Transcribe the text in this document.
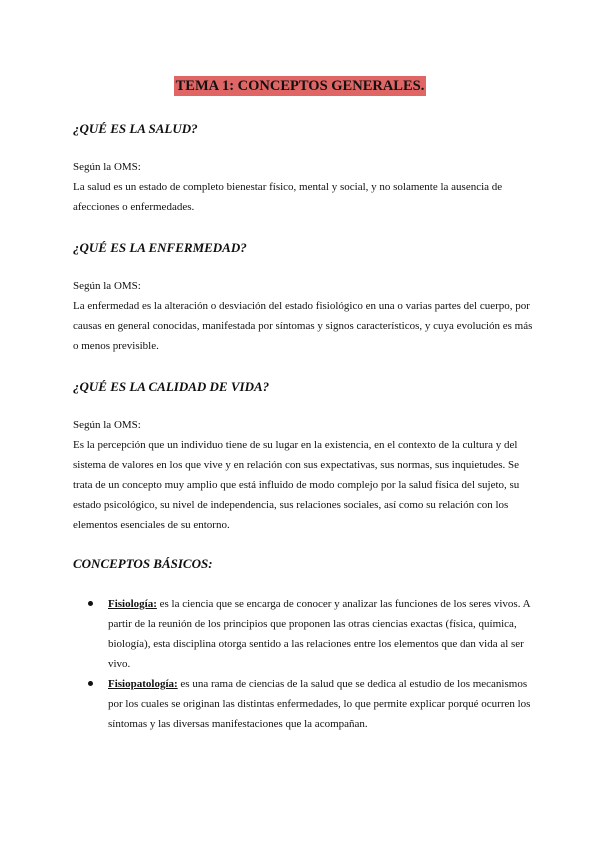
TEMA 1: CONCEPTOS GENERALES.

¿QUÉ ES LA SALUD?

Según la OMS:
La salud es un estado de completo bienestar físico, mental y social, y no solamente la ausencia de afecciones o enfermedades.

¿QUÉ ES LA ENFERMEDAD?

Según la OMS:
La enfermedad es la alteración o desviación del estado fisiológico en una o varias partes del cuerpo, por causas en general conocidas, manifestada por síntomas y signos característicos, y cuya evolución es más o menos previsible.

¿QUÉ ES LA CALIDAD DE VIDA?

Según la OMS:
Es la percepción que un individuo tiene de su lugar en la existencia, en el contexto de la cultura y del sistema de valores en los que vive y en relación con sus expectativas, sus normas, sus inquietudes. Se trata de un concepto muy amplio que está influido de modo complejo por la salud física del sujeto, su estado psicológico, su nivel de independencia, sus relaciones sociales, así como su relación con los elementos esenciales de su entorno.

CONCEPTOS BÁSICOS:

Fisiología: es la ciencia que se encarga de conocer y analizar las funciones de los seres vivos. A partir de la reunión de los principios que proponen las otras ciencias exactas (física, química, biología), esta disciplina otorga sentido a las relaciones entre los elementos que dan vida al ser vivo.
Fisiopatología: es una rama de ciencias de la salud que se dedica al estudio de los mecanismos por los cuales se originan las distintas enfermedades, lo que permite explicar porqué ocurren los síntomas y las diversas manifestaciones que la acompañan.
